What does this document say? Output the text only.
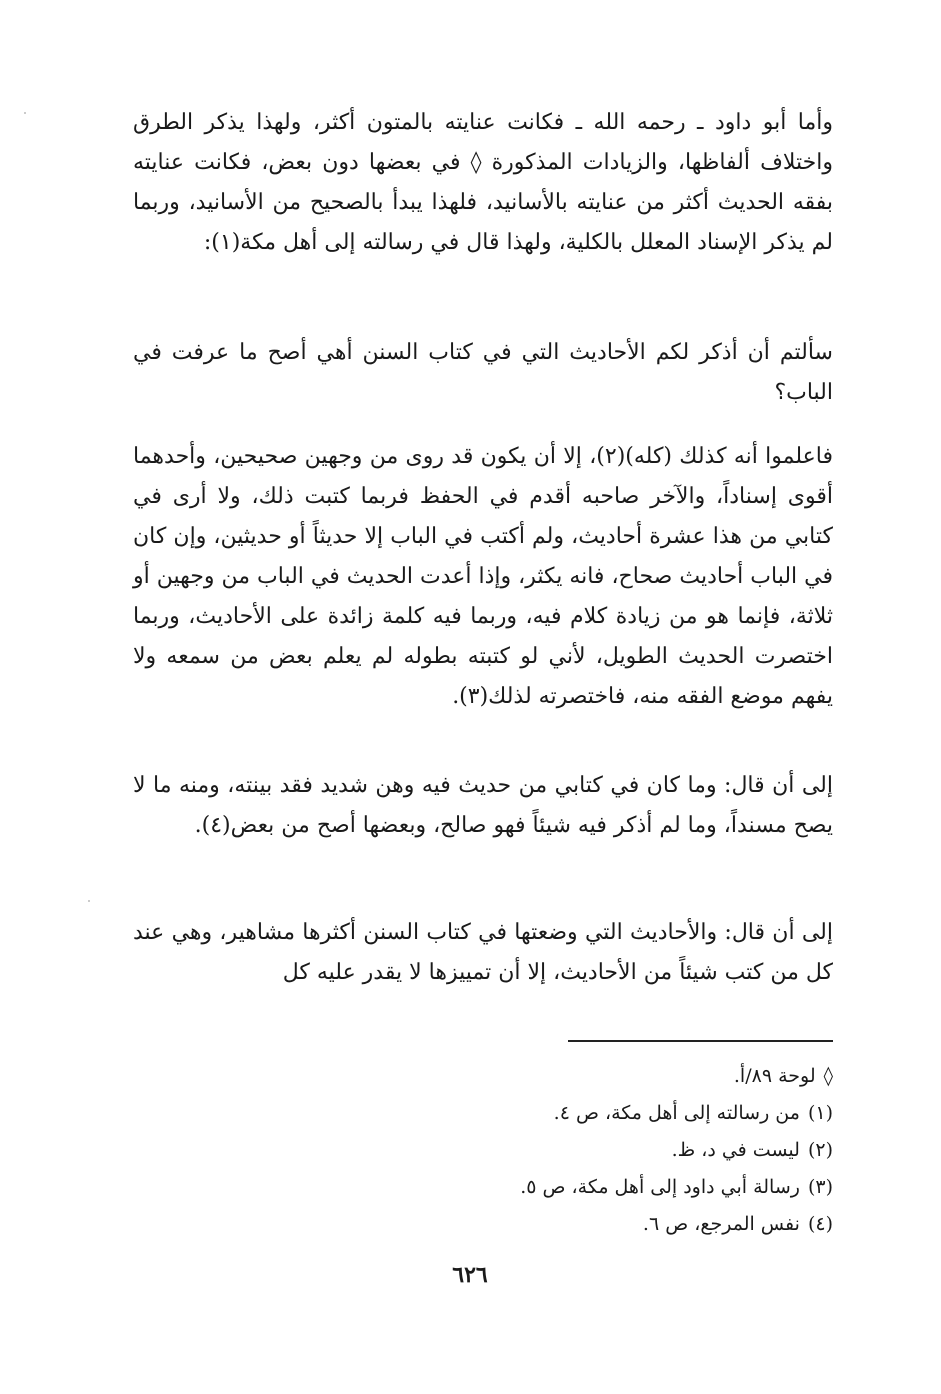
وأما أبو داود ـ رحمه الله ـ فكانت عنايته بالمتون أكثر، ولهذا يذكر الطرق واختلاف ألفاظها، والزيادات المذكورة ◊ في بعضها دون بعض، فكانت عنايته بفقه الحديث أكثر من عنايته بالأسانيد، فلهذا يبدأ بالصحيح من الأسانيد، وربما لم يذكر الإسناد المعلل بالكلية، ولهذا قال في رسالته إلى أهل مكة(١):

سألتم أن أذكر لكم الأحاديث التي في كتاب السنن أهي أصح ما عرفت في الباب؟

فاعلموا أنه كذلك (كله)(٢)، إلا أن يكون قد روى من وجهين صحيحين، وأحدهما أقوى إسناداً، والآخر صاحبه أقدم في الحفظ فربما كتبت ذلك، ولا أرى في كتابي من هذا عشرة أحاديث، ولم أكتب في الباب إلا حديثاً أو حديثين، وإن كان في الباب أحاديث صحاح، فانه يكثر، وإذا أعدت الحديث في الباب من وجهين أو ثلاثة، فإنما هو من زيادة كلام فيه، وربما فيه كلمة زائدة على الأحاديث، وربما اختصرت الحديث الطويل، لأني لو كتبته بطوله لم يعلم بعض من سمعه ولا يفهم موضع الفقه منه، فاختصرته لذلك(٣).

إلى أن قال: وما كان في كتابي من حديث فيه وهن شديد فقد بينته، ومنه ما لا يصح مسنداً، وما لم أذكر فيه شيئاً فهو صالح، وبعضها أصح من بعض(٤).

إلى أن قال: والأحاديث التي وضعتها في كتاب السنن أكثرها مشاهير، وهي عند كل من كتب شيئاً من الأحاديث، إلا أن تمييزها لا يقدر عليه كل

◊لوحة ٨٩/أ.
(١)من رسالته إلى أهل مكة، ص ٤.
(٢)ليست في د، ظ.
(٣)رسالة أبي داود إلى أهل مكة، ص ٥.
(٤)نفس المرجع، ص ٦.
٦٢٦
